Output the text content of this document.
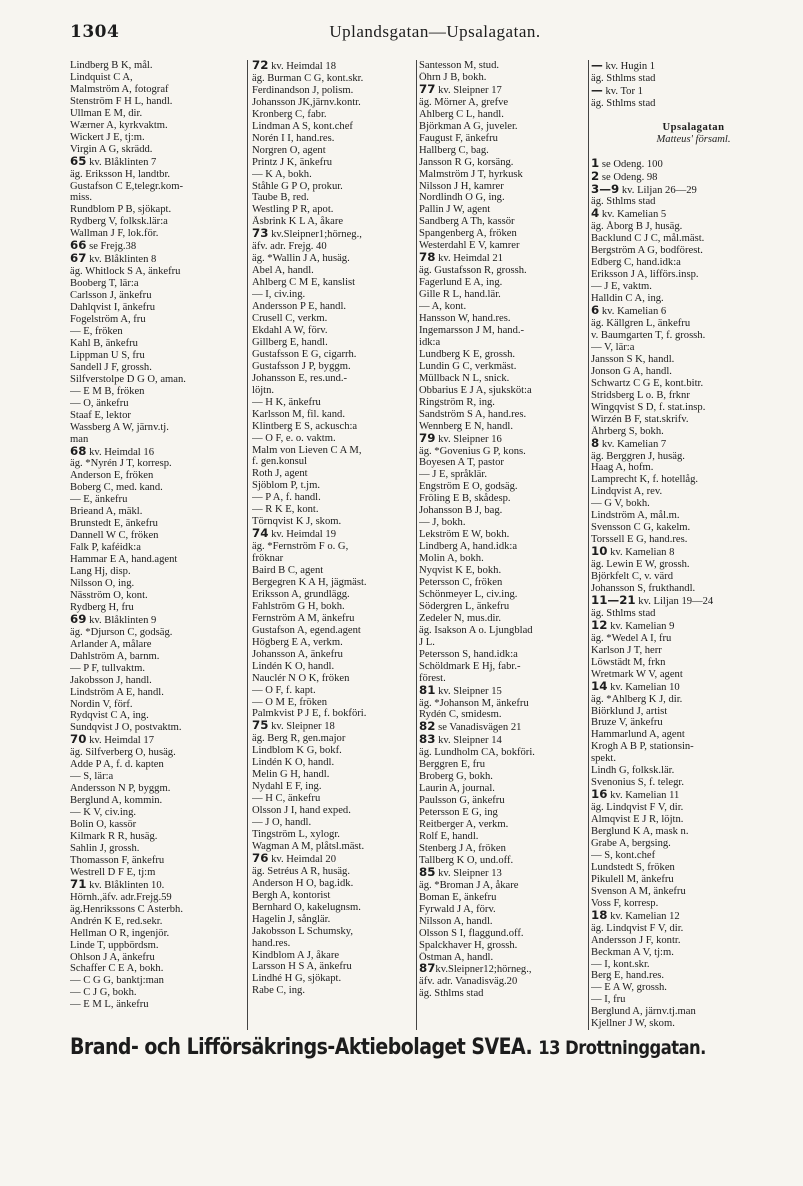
1304	Uplandsgatan—Upsalagatan.
Lindberg B K, mål.
Lindquist C A,
Malmström A, fotograf
Stenström F H L, handl.
Ullman E M, dir.
Wærner A, kyrkvaktm.
Wickert J E, tj:m.
Virgin A G, skrädd.
65 kv. Blåklinten 7
äg. Eriksson H, landtbr.
Gustafson C E,telegr.kom-
miss.
Rundblom P B, sjökapt.
Rydberg V, folksk.lär:a
Wallman J F, lok.för.
66 se Frejg.38
67 kv. Blåklinten 8
äg. Whitlock S A, änkefru
Booberg T, lär:a
Carlsson J, änkefru
Dahlqvist I, änkefru
Fogelström A, fru
— E, fröken
Kahl B, änkefru
Lippman U S, fru
Sandell J F, grossh.
Silfverstolpe D G O, aman.
— E M B, fröken
— O, änkefru
Staaf E, lektor
Wassberg A W, järnv.tj.
man
68 kv. Heimdal 16
äg. *Nyrén J T, korresp.
Anderson E, fröken
Boberg C, med. kand.
— E, änkefru
Brieand A, mäkl.
Brunstedt E, änkefru
Dannell W C, fröken
Falk P, kaféidk:a
Hammar E A, hand.agent
Lang Hj, disp.
Nilsson O, ing.
Näsström O, kont.
Rydberg H, fru
69 kv. Blåklinten 9
äg. *Djurson C, godsäg.
Arlander A, målare
Dahlström A, barnm.
— P F, tullvaktm.
Jakobsson J, handl.
Lindström A E, handl.
Nordin V, förf.
Rydqvist C A, ing.
Sundqvist J O, postvaktm.
70 kv. Heimdal 17
äg. Silfverberg O, husäg.
Adde P A, f. d. kapten
— S, lär:a
Andersson N P, byggm.
Berglund A, kommin.
— K V, civ.ing.
Bolin O, kassör
Kilmark R R, husäg.
Sahlin J, grossh.
Thomasson F, änkefru
Westrell D F E, tj:m
71 kv. Blåklinten 10.
Hörnh.,äfv. adr.Frejg.59
äg.Henrikssons C Asterbh.
Andrén K E, red.sekr.
Hellman O R, ingenjör.
Linde T, uppbördsm.
Ohlson J A, änkefru
Schaffer C E A, bokh.
— C G G, banktj:man
— C J G, bokh.
— E M L, änkefru
72 kv. Heimdal 18
äg. Burman C G, kont.skr.
Ferdinandson J, polism.
Johansson JK,järnv.kontr.
Kronberg C, fabr.
Lindman A S, kont.chef
Norén I I, hand.res.
Norgren O, agent
Printz J K, änkefru
— K A, bokh.
Ståhle G P O, prokur.
Taube B, red.
Westling P R, apot.
Åsbrink K L A, åkare
73 kv.Sleipner1;hörneg.,
äfv. adr. Frejg. 40
äg. *Wallin J A, husäg.
Abel A, handl.
Ahlberg C M E, kanslist
— I, civ.ing.
Andersson P E, handl.
Crusell C, verkm.
Ekdahl A W, förv.
Gillberg E, handl.
Gustafsson E G, cigarrh.
Gustafsson J P, byggm.
Johansson E, res.und.-
löjtn.
— H K, änkefru
Karlsson M, fil. kand.
Klintberg E S, ackusch:a
— O F, e. o. vaktm.
Malm von Lieven C A M,
f. gen.konsul
Roth J, agent
Sjöblom P, t.jm.
— P A, f. handl.
— R K E, kont.
Törnqvist K J, skom.
74 kv. Heimdal 19
äg. *Fernström F o. G,
fröknar
Baird B C, agent
Bergegren K A H, jägmäst.
Eriksson A, grundlägg.
Fahlström G H, bokh.
Fernström A M, änkefru
Gustafson A, egend.agent
Högberg E A, verkm.
Johansson A, änkefru
Lindén K O, handl.
Nauclér N O K, fröken
— O F, f. kapt.
— O M E, fröken
Palmkvist P J E, f. bokföri.
75 kv. Sleipner 18
äg. Berg R, gen.major
Lindblom K G, bokf.
Lindén K O, handl.
Melin G H, handl.
Nydahl E F, ing.
— H C, änkefru
Olsson J I, hand exped.
— J O, handl.
Tingström L, xylogr.
Wagman A M, plåtsl.mäst.
76 kv. Heimdal 20
äg. Setréus A R, husäg.
Anderson H O, bag.idk.
Bergh A, kontorist
Bernhard O, kakelugnsm.
Hagelin J, sånglär.
Jakobsson L Schumsky,
hand.res.
Kindblom A J, åkare
Larsson H S A, änkefru
Lindhé H G, sjökapt.
Rabe C, ing.
Santesson M, stud.
Öhrn J B, bokh.
77 kv. Sleipner 17
äg. Mörner A, grefve
Ahlberg C L, handl.
Björkman A G, juveler.
Faugust F, änkefru
Hallberg C, bag.
Jansson R G, korsäng.
Malmström J T, hyrkusk
Nilsson J H, kamrer
Nordlindh O G, ing.
Pallin J W, agent
Sandberg A Th, kassör
Spangenberg A, fröken
Westerdahl E V, kamrer
78 kv. Heimdal 21
äg. Gustafsson R, grossh.
Fagerlund E A, ing.
Gille R L, hand.lär.
— A, kont.
Hansson W, hand.res.
Ingemarsson J M, hand.-
idk:a
Lundberg K E, grossh.
Lundin G C, verkmäst.
Müllback N L, snick.
Obbarius E J A, sjuksköt:a
Ringström R, ing.
Sandström S A, hand.res.
Wennberg E N, handl.
79 kv. Sleipner 16
äg. *Govenius G P, kons.
Boyesen A T, pastor
— J E, språklär.
Engström E O, godsäg.
Fröling E B, skådesp.
Johansson B J, bag.
— J, bokh.
Lekström E W, bokh.
Lindberg A, hand.idk:a
Molin A, bokh.
Nyqvist K E, bokh.
Petersson C, fröken
Schönmeyer L, civ.ing.
Södergren L, änkefru
Zedeler N, mus.dir.
äg. Isakson A o. Ljungblad
J L.
Petersson S, hand.idk:a
Schöldmark E Hj, fabr.-
förest.
81 kv. Sleipner 15
äg. *Johanson M, änkefru
Rydén C, smidesm.
82 se Vanadisvägen 21
83 kv. Sleipner 14
äg. Lundholm CA, bokföri.
Berggren E, fru
Broberg G, bokh.
Laurin A, journal.
Paulsson G, änkefru
Petersson E G, ing
Reitberger A, verkm.
Rolf E, handl.
Stenberg J A, fröken
Tallberg K O, und.off.
85 kv. Sleipner 13
äg. *Broman J A, åkare
Boman E, änkefru
Fyrwald J A, förv.
Nilsson A, handl.
Olsson S I, flaggund.off.
Spalckhaver H, grossh.
Östman A, handl.
87kv.Sleipner12;hörneg.,
äfv. adr. Vanadisväg.20
äg. Sthlms stad
— kv. Hugin 1
äg. Sthlms stad
— kv. Tor 1
äg. Sthlms stad

Upsalagatan
Matteus' församl.

1 se Odeng. 100
2 se Odeng. 98
3—9 kv. Liljan 26—29
äg. Sthlms stad
4 kv. Kamelian 5
äg. Åborg B J, husäg.
Backlund C J C, mål.mäst.
Bergström A G, bodförest.
Edberg C, hand.idk:a
Eriksson J A, lifförs.insp.
— J E, vaktm.
Halldin C A, ing.
6 kv. Kamelian 6
äg. Källgren L, änkefru
v. Baumgarten T, f. grossh.
— V, lär:a
Jansson S K, handl.
Jonson G A, handl.
Schwartz C G E, kont.bitr.
Stridsberg L o. B, frknr
Wingqvist S D, f. stat.insp.
Wirzén B F, stat.skrifv.
Åhrberg S, bokh.
8 kv. Kamelian 7
äg. Berggren J, husäg.
Haag A, hofm.
Lamprecht K, f. hotellåg.
Lindqvist A, rev.
— G V, bokh.
Lindström A, mål.m.
Svensson C G, kakelm.
Torssell E G, hand.res.
10 kv. Kamelian 8
äg. Lewin E W, grossh.
Björkfelt C, v. värd
Johansson S, frukthandl.
11—21 kv. Liljan 19—24
äg. Sthlms stad
12 kv. Kamelian 9
äg. *Wedel A I, fru
Karlson J T, herr
Löwstädt M, frkn
Wretmark W V, agent
14 kv. Kamelian 10
äg. *Ahlberg K J, dir.
Biörklund J, artist
Bruze V, änkefru
Hammarlund A, agent
Krogh A B P, stationsin-
spekt.
Lindh G, folksk.lär.
Svenonius S, f. telegr.
16 kv. Kamelian 11
äg. Lindqvist F V, dir.
Almqvist E J R, löjtn.
Berglund K A, mask n.
Grabe A, bergsing.
— S, kont.chef
Lundstedt S, fröken
Pikulell M, änkefru
Svenson A M, änkefru
Voss F, korresp.
18 kv. Kamelian 12
äg. Lindqvist F V, dir.
Andersson J F, kontr.
Beckman A V, tj:m.
— I, kont.skr.
Berg E, hand.res.
— E A W, grossh.
— I, fru
Berglund A, järnv.tj.man
Kjellner J W, skom.
Brand- och Lifförsäkrings-Aktiebolaget SVEA. 13 Drottninggatan.
